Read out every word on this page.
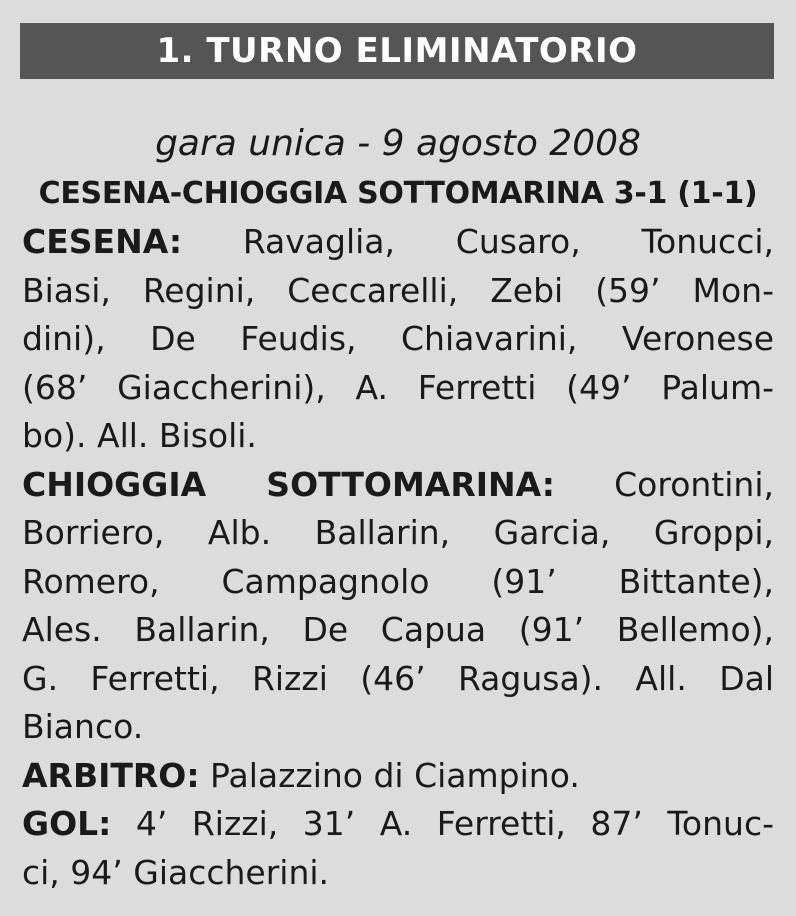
1. TURNO ELIMINATORIO
gara unica - 9 agosto 2008
CESENA-CHIOGGIA SOTTOMARINA 3-1 (1-1)
CESENA: Ravaglia, Cusaro, Tonucci,
Biasi, Regini, Ceccarelli, Zebi (59’ Mon-
dini), De Feudis, Chiavarini, Veronese
(68’ Giaccherini), A. Ferretti (49’ Palum-
bo). All. Bisoli.
CHIOGGIA SOTTOMARINA: Corontini,
Borriero, Alb. Ballarin, Garcia, Groppi,
Romero, Campagnolo (91’ Bittante),
Ales. Ballarin, De Capua (91’ Bellemo),
G. Ferretti, Rizzi (46’ Ragusa). All. Dal
Bianco.
ARBITRO: Palazzino di Ciampino.
GOL: 4’ Rizzi, 31’ A. Ferretti, 87’ Tonuc-
ci, 94’ Giaccherini.
